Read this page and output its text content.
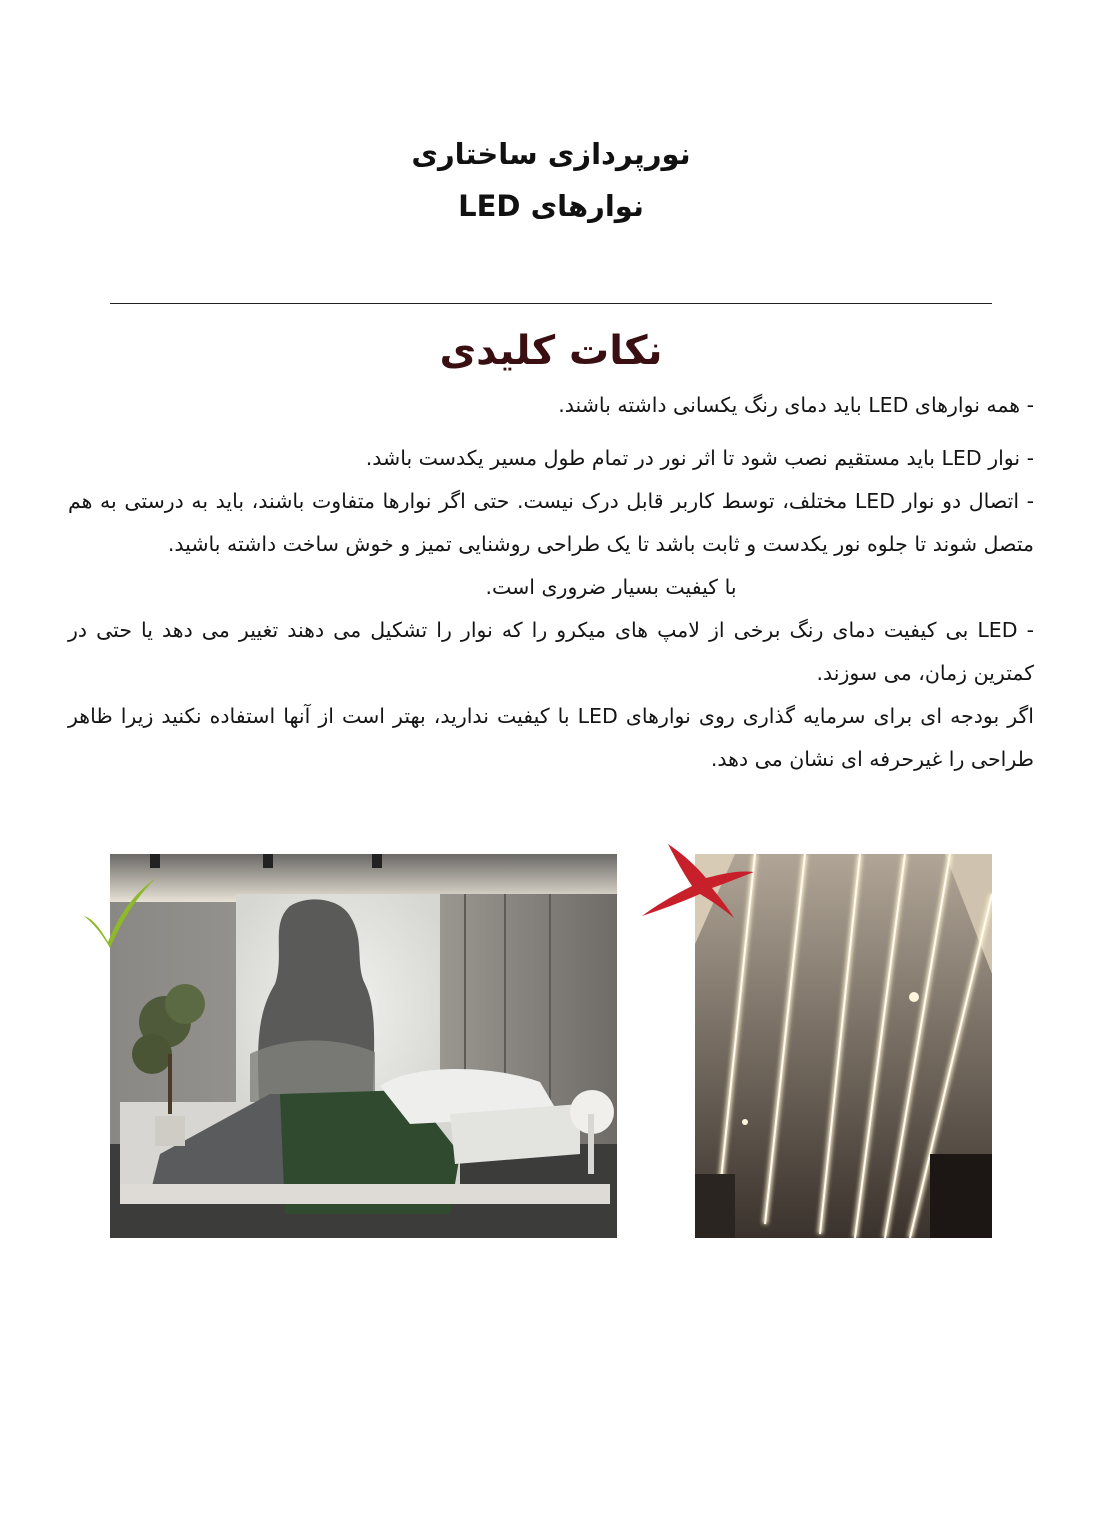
نورپردازی ساختاری
نوارهای LED
نکات کلیدی

- همه نوارهای LED باید دمای رنگ یکسانی داشته باشند.

- نوار LED باید مستقیم نصب شود تا اثر نور در تمام طول مسیر یکدست باشد.

- اتصال دو نوار LED مختلف، توسط کاربر قابل درک نیست. حتی اگر نوارها متفاوت باشند، باید به درستی به هم متصل شوند تا جلوه نور یکدست و ثابت باشد تا یک طراحی روشنایی تمیز و خوش ساخت داشته باشید.

با کیفیت بسیار ضروری است.

- LED بی کیفیت دمای رنگ برخی از لامپ های میکرو را که نوار را تشکیل می دهند تغییر می دهد یا حتی در کمترین زمان، می سوزند.

اگر بودجه ای برای سرمایه گذاری روی نوارهای LED با کیفیت ندارید، بهتر است از آنها استفاده نکنید زیرا ظاهر طراحی را غیرحرفه ای نشان می دهد.
